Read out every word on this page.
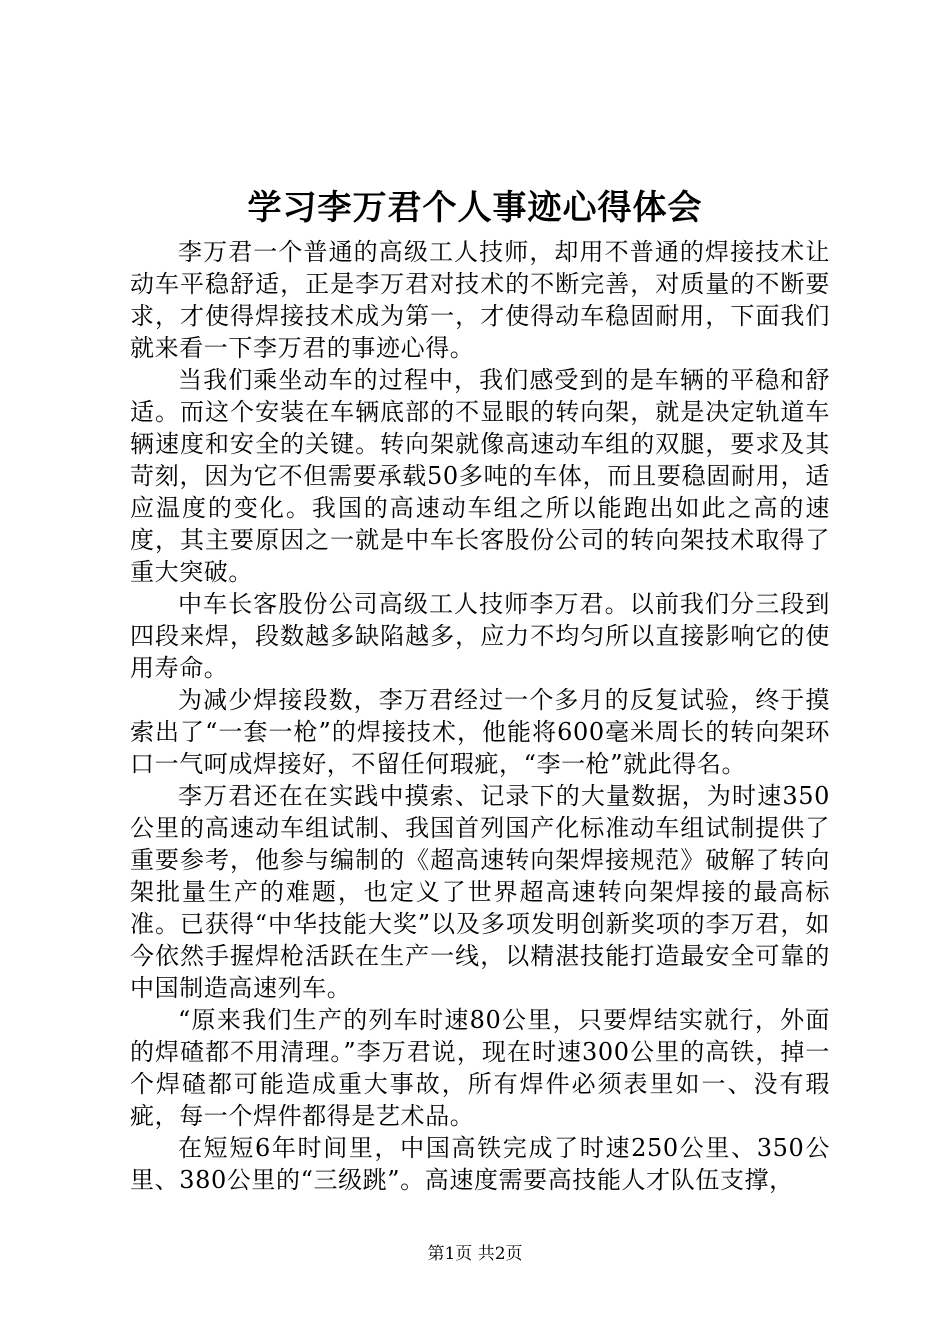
学习李万君个人事迹心得体会

李万君一个普通的高级工人技师，却用不普通的焊接技术让动车平稳舒适，正是李万君对技术的不断完善，对质量的不断要求，才使得焊接技术成为第一，才使得动车稳固耐用，下面我们就来看一下李万君的事迹心得。

当我们乘坐动车的过程中，我们感受到的是车辆的平稳和舒适。而这个安装在车辆底部的不显眼的转向架，就是决定轨道车辆速度和安全的关键。转向架就像高速动车组的双腿，要求及其苛刻，因为它不但需要承载50多吨的车体，而且要稳固耐用，适应温度的变化。我国的高速动车组之所以能跑出如此之高的速度，其主要原因之一就是中车长客股份公司的转向架技术取得了重大突破。

中车长客股份公司高级工人技师李万君。以前我们分三段到四段来焊，段数越多缺陷越多，应力不均匀所以直接影响它的使用寿命。

为减少焊接段数，李万君经过一个多月的反复试验，终于摸索出了“一套一枪”的焊接技术，他能将600毫米周长的转向架环口一气呵成焊接好，不留任何瑕疵，“李一枪”就此得名。

李万君还在在实践中摸索、记录下的大量数据，为时速350公里的高速动车组试制、我国首列国产化标准动车组试制提供了重要参考，他参与编制的《超高速转向架焊接规范》破解了转向架批量生产的难题，也定义了世界超高速转向架焊接的最高标准。已获得“中华技能大奖”以及多项发明创新奖项的李万君，如今依然手握焊枪活跃在生产一线，以精湛技能打造最安全可靠的中国制造高速列车。

“原来我们生产的列车时速80公里，只要焊结实就行，外面的焊碴都不用清理。”李万君说，现在时速300公里的高铁，掉一个焊碴都可能造成重大事故，所有焊件必须表里如一、没有瑕疵，每一个焊件都得是艺术品。

在短短6年时间里，中国高铁完成了时速250公里、350公里、380公里的“三级跳”。高速度需要高技能人才队伍支撑，

第1页 共2页
